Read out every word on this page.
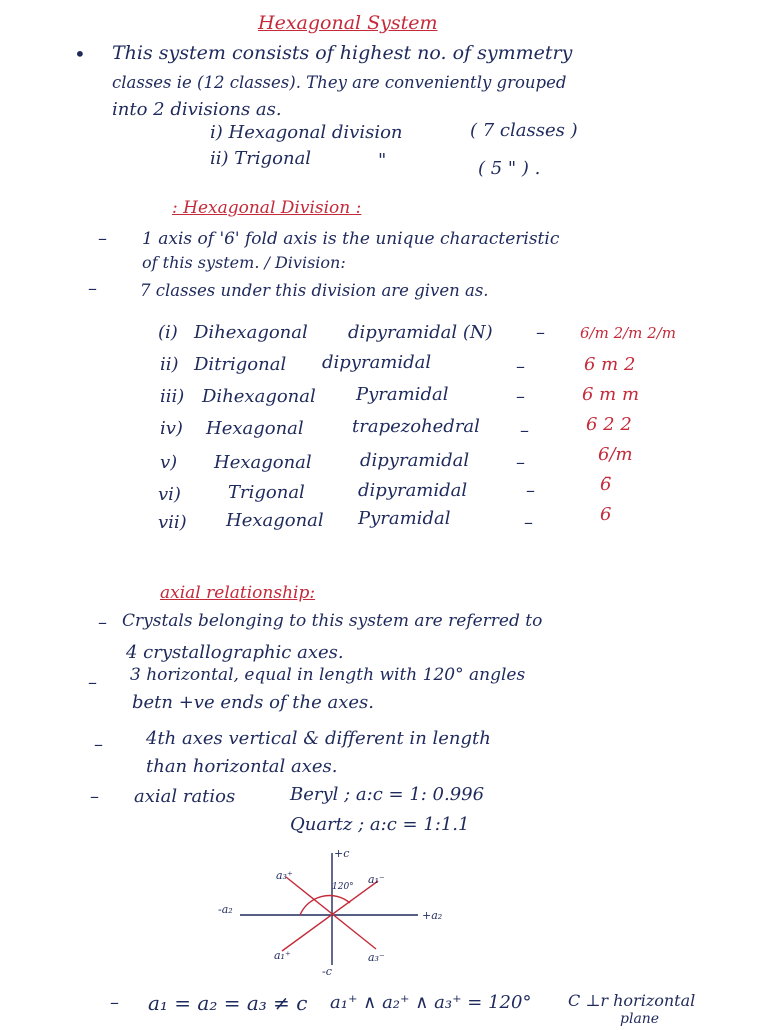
Hexagonal System
• This system consists of highest no. of symmetry
classes ie (12 classes). They are conveniently grouped
into 2 divisions as.
i) Hexagonal division	( 7 classes )
ii) Trigonal	"	( 5 " ) .
: Hexagonal Division :
– 1 axis of '6' fold axis is the unique characteristic
of this system. / Division:
–	7 classes under this division are given as.
(i) Dihexagonal dipyramidal (N) – 6/m 2/m 2/m
ii) Ditrigonal dipyramidal	–	6 m 2
iii) Dihexagonal Pyramidal	–	6 m m
iv) Hexagonal	trapezohedral –	6 2 2
v) Hexagonal	dipyramidal	–	6/m
vi)	Trigonal	dipyramidal	–	6̄
vii) Hexagonal Pyramidal	–	6
axial relationship:
– Crystals belonging to this system are referred to
4 crystallographic axes.
– 3 horizontal, equal in length with 120° angles
betn +ve ends of the axes.
– 4th axes vertical & different in length
than horizontal axes.
– axial ratios	Beryl ; a:c = 1: 0.996
Quartz ; a:c = 1:1.1
+c
-c
a₃⁺	a₁⁻
120°
-a₂	+a₂
a₁⁺	a₃⁻
– a₁ = a₂ = a₃ ≠ c a₁⁺ ∧ a₂⁺ ∧ a₃⁺ = 120° C ⊥r horizontal
plane
